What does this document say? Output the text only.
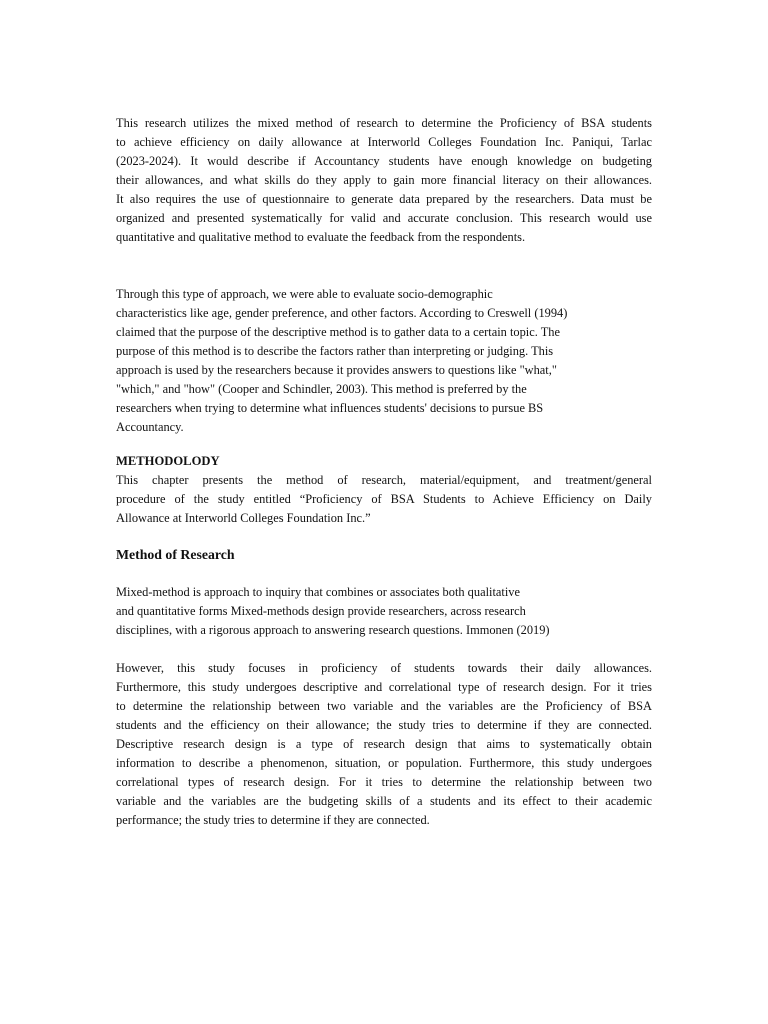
This research utilizes the mixed method of research to determine the Proficiency of BSA students
to achieve efficiency on daily allowance at Interworld Colleges Foundation Inc. Paniqui, Tarlac
(2023-2024). It would describe if Accountancy students have enough knowledge on budgeting
their allowances, and what skills do they apply to gain more financial literacy on their allowances.
It also requires the use of questionnaire to generate data prepared by the researchers. Data must be
organized and presented systematically for valid and accurate conclusion. This research would use
quantitative and qualitative method to evaluate the feedback from the respondents.
Through this type of approach, we were able to evaluate socio-demographic
characteristics like age, gender preference, and other factors. According to Creswell (1994)
claimed that the purpose of the descriptive method is to gather data to a certain topic. The
purpose of this method is to describe the factors rather than interpreting or judging. This
approach is used by the researchers because it provides answers to questions like "what,"
"which," and "how" (Cooper and Schindler, 2003). This method is preferred by the
researchers when trying to determine what influences students' decisions to pursue BS
Accountancy.
METHODOLODY
This chapter presents the method of research, material/equipment, and treatment/general
procedure of the study entitled “Proficiency of BSA Students to Achieve Efficiency on Daily
Allowance at Interworld Colleges Foundation Inc.”
Method of Research
Mixed-method is approach to inquiry that combines or associates both qualitative
and quantitative forms Mixed-methods design provide researchers, across research
disciplines, with a rigorous approach to answering research questions. Immonen (2019)
However, this study focuses in proficiency of students towards their daily allowances.
Furthermore, this study undergoes descriptive and correlational type of research design. For it tries
to determine the relationship between two variable and the variables are the Proficiency of BSA
students and the efficiency on their allowance; the study tries to determine if they are connected.
Descriptive research design is a type of research design that aims to systematically obtain
information to describe a phenomenon, situation, or population. Furthermore, this study undergoes
correlational types of research design. For it tries to determine the relationship between two
variable and the variables are the budgeting skills of a students and its effect to their academic
performance; the study tries to determine if they are connected.
